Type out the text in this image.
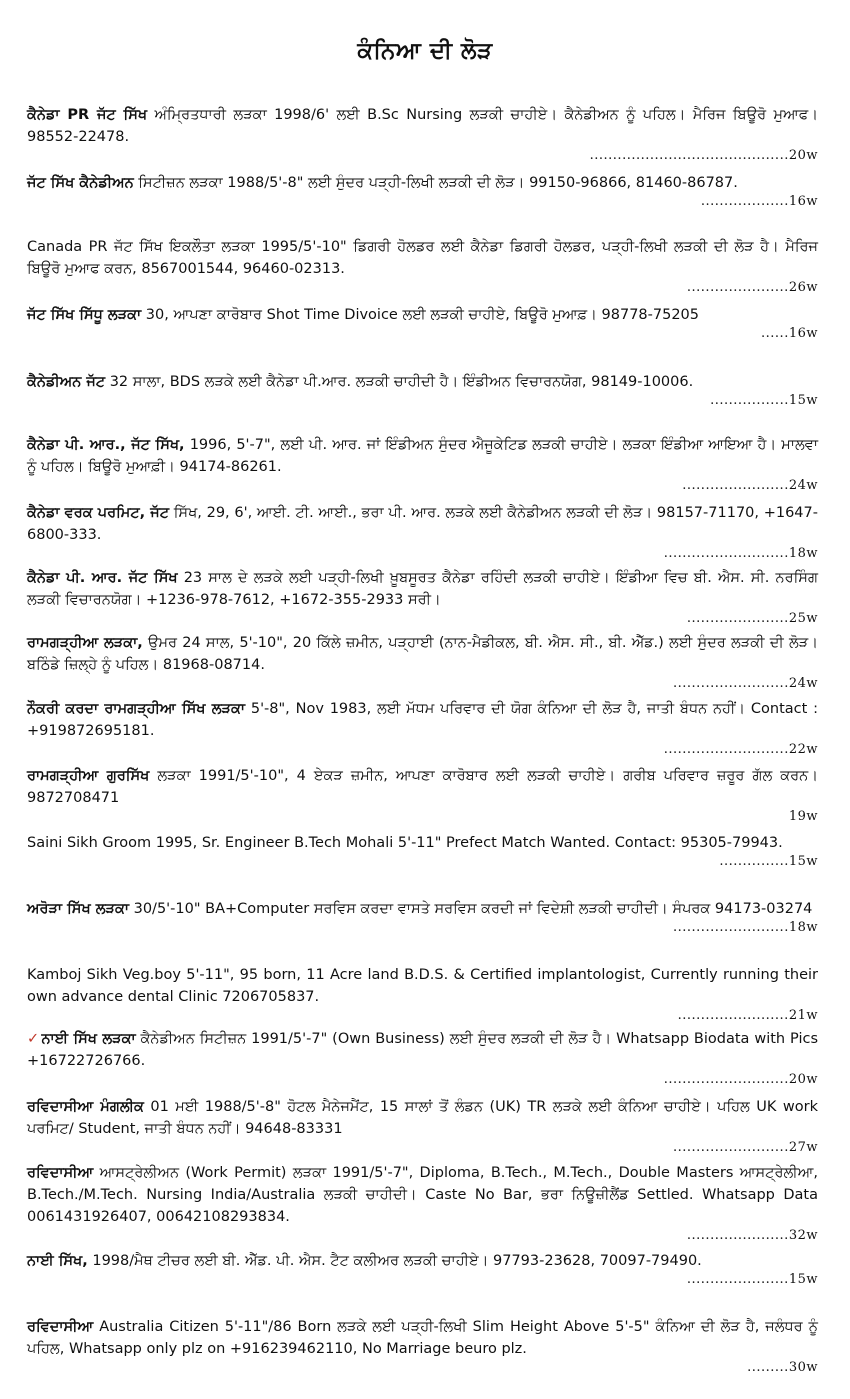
ਕੰਨਿਆ ਦੀ ਲੋੜ
ਕੈਨੇਡਾ PR ਜੱਟ ਸਿੱਖ ਅੰਮ੍ਰਿਤਧਾਰੀ ਲੜਕਾ 1998/6' ਲਈ B.Sc Nursing ਲੜਕੀ ਚਾਹੀਏ। ਕੈਨੇਡੀਅਨ ਨੂੰ ਪਹਿਲ। ਮੈਰਿਜ ਬਿਊਰੋ ਮੁਆਫ। 98552-22478.
...........................................20w
ਜੱਟ ਸਿੱਖ ਕੈਨੇਡੀਅਨ ਸਿਟੀਜ਼ਨ ਲੜਕਾ 1988/5'-8" ਲਈ ਸੁੰਦਰ ਪੜ੍ਹੀ-ਲਿਖੀ ਲੜਕੀ ਦੀ ਲੋੜ। 99150-96866, 81460-86787.
...................16w
Canada PR ਜੱਟ ਸਿੱਖ ਇਕਲੌਤਾ ਲੜਕਾ 1995/5'-10" ਡਿਗਰੀ ਹੋਲਡਰ ਲਈ ਕੈਨੇਡਾ ਡਿਗਰੀ ਹੋਲਡਰ, ਪੜ੍ਹੀ-ਲਿਖੀ ਲੜਕੀ ਦੀ ਲੋੜ ਹੈ। ਮੈਰਿਜ ਬਿਊਰੋ ਮੁਆਫ ਕਰਨ, 8567001544, 96460-02313.
......................26w
ਜੱਟ ਸਿੱਖ ਸਿੱਧੂ ਲੜਕਾ 30, ਆਪਣਾ ਕਾਰੋਬਾਰ Shot Time Divoice ਲਈ ਲੜਕੀ ਚਾਹੀਏ, ਬਿਊਰੋ ਮੁਆਫ਼। 98778-75205
......16w
ਕੈਨੇਡੀਅਨ ਜੱਟ 32 ਸਾਲਾ, BDS ਲੜਕੇ ਲਈ ਕੈਨੇਡਾ ਪੀ.ਆਰ. ਲੜਕੀ ਚਾਹੀਦੀ ਹੈ। ਇੰਡੀਅਨ ਵਿਚਾਰਨਯੋਗ, 98149-10006.
.................15w
ਕੈਨੇਡਾ ਪੀ. ਆਰ., ਜੱਟ ਸਿੱਖ, 1996, 5'-7", ਲਈ ਪੀ. ਆਰ. ਜਾਂ ਇੰਡੀਅਨ ਸੁੰਦਰ ਐਜੂਕੇਟਿਡ ਲੜਕੀ ਚਾਹੀਏ। ਲੜਕਾ ਇੰਡੀਆ ਆਇਆ ਹੈ। ਮਾਲਵਾ ਨੂੰ ਪਹਿਲ। ਬਿਊਰੋ ਮੁਆਫ਼ੀ। 94174-86261.
.......................24w
ਕੈਨੇਡਾ ਵਰਕ ਪਰਮਿਟ, ਜੱਟ ਸਿੱਖ, 29, 6', ਆਈ. ਟੀ. ਆਈ., ਭਰਾ ਪੀ. ਆਰ. ਲੜਕੇ ਲਈ ਕੈਨੇਡੀਅਨ ਲੜਕੀ ਦੀ ਲੋੜ। 98157-71170, +1647-6800-333.
...........................18w
ਕੈਨੇਡਾ ਪੀ. ਆਰ. ਜੱਟ ਸਿੱਖ 23 ਸਾਲ ਦੇ ਲੜਕੇ ਲਈ ਪੜ੍ਹੀ-ਲਿਖੀ ਖ਼ੂਬਸੂਰਤ ਕੈਨੇਡਾ ਰਹਿੰਦੀ ਲੜਕੀ ਚਾਹੀਏ। ਇੰਡੀਆ ਵਿਚ ਬੀ. ਐਸ. ਸੀ. ਨਰਸਿੰਗ ਲੜਕੀ ਵਿਚਾਰਨਯੋਗ। +1236-978-7612, +1672-355-2933 ਸਰੀ।
......................25w
ਰਾਮਗੜ੍ਹੀਆ ਲੜਕਾ, ਉਮਰ 24 ਸਾਲ, 5'-10", 20 ਕਿੱਲੇ ਜ਼ਮੀਨ, ਪੜ੍ਹਾਈ (ਨਾਨ-ਮੈਡੀਕਲ, ਬੀ. ਐਸ. ਸੀ., ਬੀ. ਐੱਡ.) ਲਈ ਸੁੰਦਰ ਲੜਕੀ ਦੀ ਲੋੜ। ਬਠਿੰਡੇ ਜ਼ਿਲ੍ਹੇ ਨੂੰ ਪਹਿਲ। 81968-08714.
.........................24w
ਨੌਕਰੀ ਕਰਦਾ ਰਾਮਗੜ੍ਹੀਆ ਸਿੱਖ ਲੜਕਾ 5'-8", Nov 1983, ਲਈ ਮੱਧਮ ਪਰਿਵਾਰ ਦੀ ਯੋਗ ਕੰਨਿਆ ਦੀ ਲੋੜ ਹੈ, ਜਾਤੀ ਬੰਧਨ ਨਹੀਂ। Contact : +919872695181.
...........................22w
ਰਾਮਗੜ੍ਹੀਆ ਗੁਰਸਿੱਖ ਲੜਕਾ 1991/5'-10", 4 ਏਕੜ ਜ਼ਮੀਨ, ਆਪਣਾ ਕਾਰੋਬਾਰ ਲਈ ਲੜਕੀ ਚਾਹੀਏ। ਗਰੀਬ ਪਰਿਵਾਰ ਜ਼ਰੂਰ ਗੱਲ ਕਰਨ। 9872708471
19w
Saini Sikh Groom 1995, Sr. Engineer B.Tech Mohali 5'-11" Prefect Match Wanted. Contact: 95305-79943.
...............15w
ਅਰੋੜਾ ਸਿੱਖ ਲੜਕਾ 30/5'-10" BA+Computer ਸਰਵਿਸ ਕਰਦਾ ਵਾਸਤੇ ਸਰਵਿਸ ਕਰਦੀ ਜਾਂ ਵਿਦੇਸ਼ੀ ਲੜਕੀ ਚਾਹੀਦੀ। ਸੰਪਰਕ 94173-03274
.........................18w
Kamboj Sikh Veg.boy 5'-11", 95 born, 11 Acre land B.D.S. & Certified implantologist, Currently running their own advance dental Clinic 7206705837.
........................21w
✓ ਨਾਈ ਸਿੱਖ ਲੜਕਾ ਕੈਨੇਡੀਅਨ ਸਿਟੀਜ਼ਨ 1991/5'-7" (Own Business) ਲਈ ਸੁੰਦਰ ਲੜਕੀ ਦੀ ਲੋੜ ਹੈ। Whatsapp Biodata with Pics +16722726766.
...........................20w
ਰਵਿਦਾਸੀਆ ਮੰਗਲੀਕ 01 ਮਈ 1988/5'-8" ਹੋਟਲ ਮੈਨੇਜਮੈਂਟ, 15 ਸਾਲਾਂ ਤੋਂ ਲੰਡਨ (UK) TR ਲੜਕੇ ਲਈ ਕੰਨਿਆ ਚਾਹੀਏ। ਪਹਿਲ UK work ਪਰਮਿਟ/ Student, ਜਾਤੀ ਬੰਧਨ ਨਹੀਂ। 94648-83331
.........................27w
ਰਵਿਦਾਸੀਆ ਆਸਟ੍ਰੇਲੀਅਨ (Work Permit) ਲੜਕਾ 1991/5'-7", Diploma, B.Tech., M.Tech., Double Masters ਆਸਟ੍ਰੇਲੀਆ, B.Tech./M.Tech. Nursing India/Australia ਲੜਕੀ ਚਾਹੀਦੀ। Caste No Bar, ਭਰਾ ਨਿਊਜ਼ੀਲੈਂਡ Settled. Whatsapp Data 0061431926407, 00642108293834.
......................32w
ਨਾਈ ਸਿੱਖ, 1998/ਮੈਥ ਟੀਚਰ ਲਈ ਬੀ. ਐੱਡ. ਪੀ. ਐਸ. ਟੈਟ ਕਲੀਅਰ ਲੜਕੀ ਚਾਹੀਏ। 97793-23628, 70097-79490.
......................15w
ਰਵਿਦਾਸੀਆ Australia Citizen 5'-11"/86 Born ਲੜਕੇ ਲਈ ਪੜ੍ਹੀ-ਲਿਖੀ Slim Height Above 5'-5" ਕੰਨਿਆ ਦੀ ਲੋੜ ਹੈ, ਜਲੰਧਰ ਨੂੰ ਪਹਿਲ, Whatsapp only plz on +916239462110, No Marriage beuro plz.
.........30w
